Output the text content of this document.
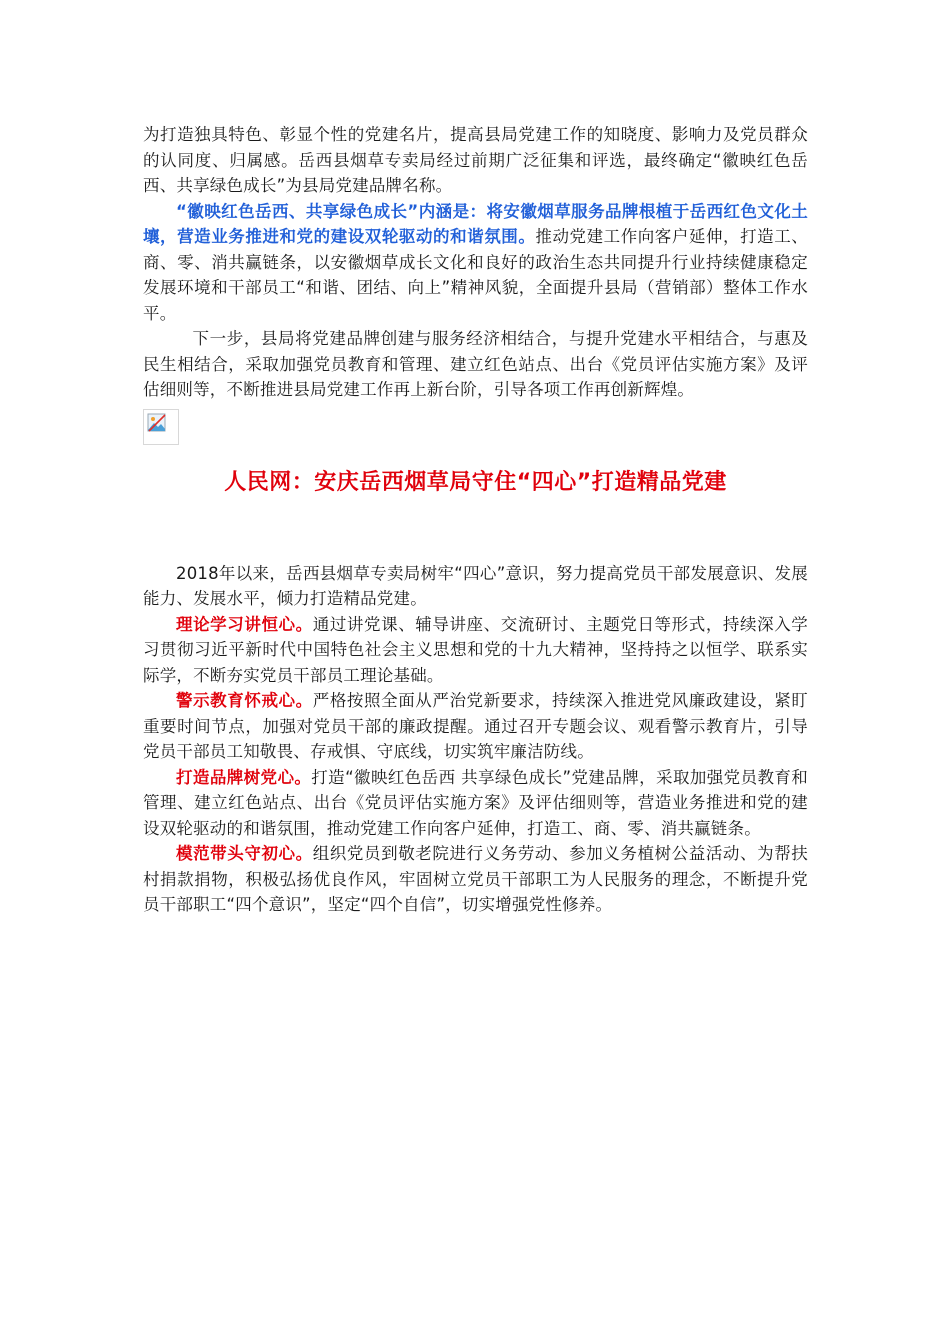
为打造独具特色、彰显个性的党建名片，提高县局党建工作的知晓度、影响力及党员群众的认同度、归属感。岳西县烟草专卖局经过前期广泛征集和评选，最终确定“徽映红色岳西、共享绿色成长”为县局党建品牌名称。

“徽映红色岳西、共享绿色成长”内涵是：将安徽烟草服务品牌根植于岳西红色文化土壤，营造业务推进和党的建设双轮驱动的和谐氛围。推动党建工作向客户延伸，打造工、商、零、消共赢链条，以安徽烟草成长文化和良好的政治生态共同提升行业持续健康稳定发展环境和干部员工“和谐、团结、向上”精神风貌，全面提升县局（营销部）整体工作水平。

下一步，县局将党建品牌创建与服务经济相结合，与提升党建水平相结合，与惠及民生相结合，采取加强党员教育和管理、建立红色站点、出台《党员评估实施方案》及评估细则等，不断推进县局党建工作再上新台阶，引导各项工作再创新辉煌。

人民网：安庆岳西烟草局守住“四心”打造精品党建

2018年以来，岳西县烟草专卖局树牢“四心”意识，努力提高党员干部发展意识、发展能力、发展水平，倾力打造精品党建。

理论学习讲恒心。通过讲党课、辅导讲座、交流研讨、主题党日等形式，持续深入学习贯彻习近平新时代中国特色社会主义思想和党的十九大精神，坚持持之以恒学、联系实际学，不断夯实党员干部员工理论基础。

警示教育怀戒心。严格按照全面从严治党新要求，持续深入推进党风廉政建设，紧盯重要时间节点，加强对党员干部的廉政提醒。通过召开专题会议、观看警示教育片，引导党员干部员工知敬畏、存戒惧、守底线，切实筑牢廉洁防线。

打造品牌树党心。打造“徽映红色岳西 共享绿色成长”党建品牌，采取加强党员教育和管理、建立红色站点、出台《党员评估实施方案》及评估细则等，营造业务推进和党的建设双轮驱动的和谐氛围，推动党建工作向客户延伸，打造工、商、零、消共赢链条。

模范带头守初心。组织党员到敬老院进行义务劳动、参加义务植树公益活动、为帮扶村捐款捐物，积极弘扬优良作风，牢固树立党员干部职工为人民服务的理念，不断提升党员干部职工“四个意识”，坚定“四个自信”，切实增强党性修养。
